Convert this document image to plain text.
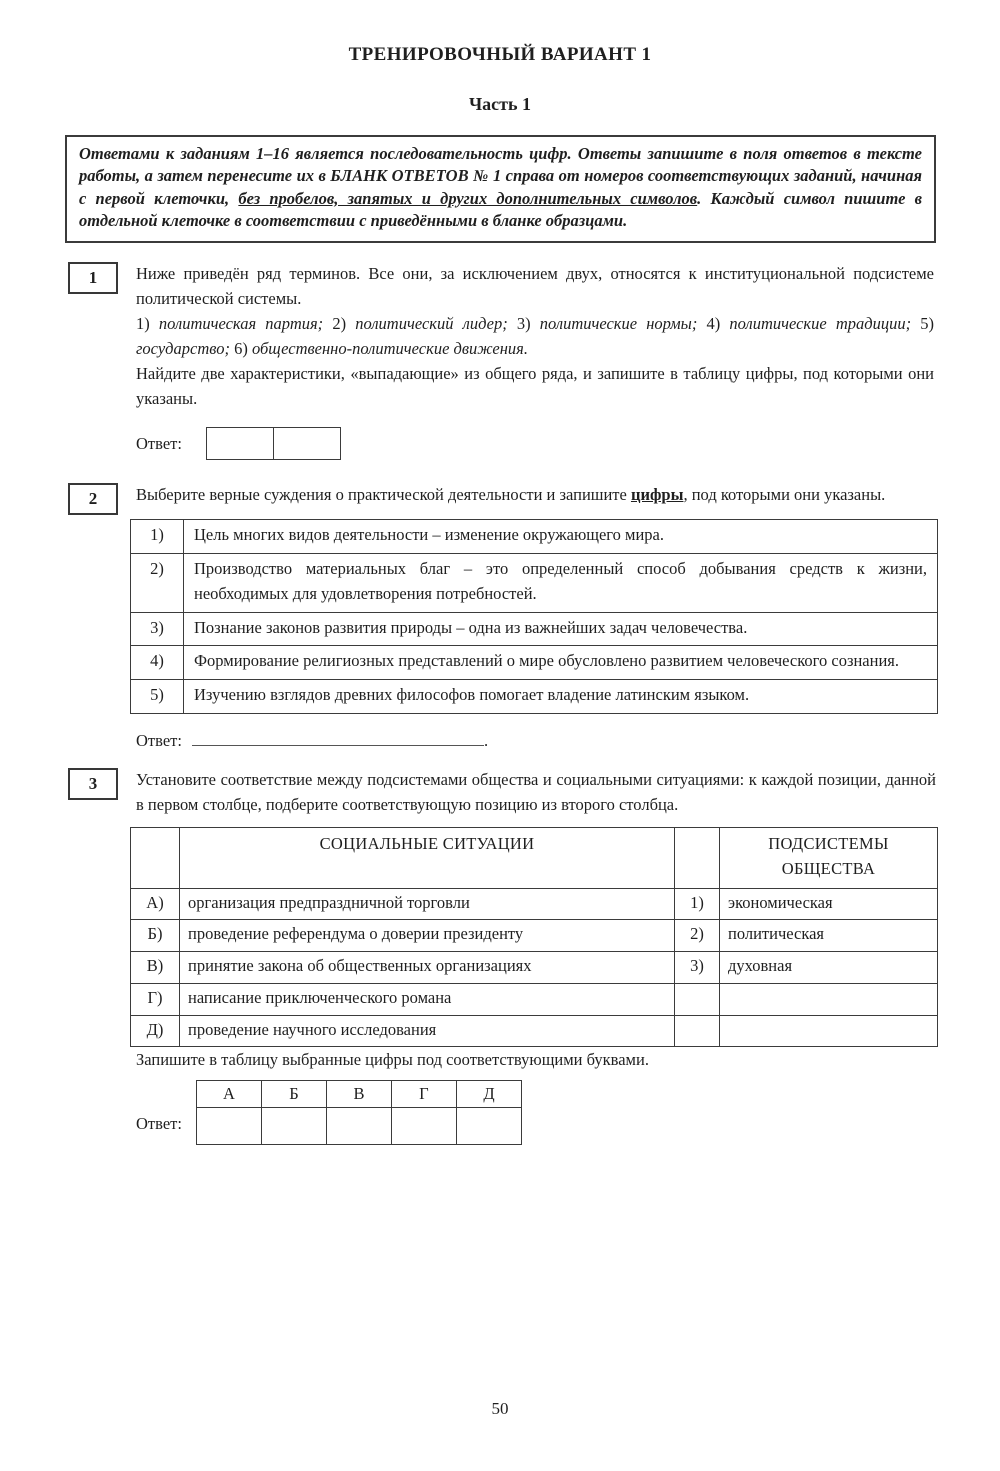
ТРЕНИРОВОЧНЫЙ ВАРИАНТ 1
Часть 1

Ответами к заданиям 1–16 является последовательность цифр. Ответы запишите в поля ответов в тексте работы, а затем перенесите их в БЛАНК ОТВЕТОВ № 1 справа от номеров соответствующих заданий, начиная с первой клеточки, без пробелов, запятых и других дополнительных символов. Каждый символ пишите в отдельной клеточке в соответствии с приведёнными в бланке образцами.

1 Ниже приведён ряд терминов. Все они, за исключением двух, относятся к институциональной подсистеме политической системы.

1) политическая партия; 2) политический лидер; 3) политические нормы; 4) политические традиции; 5) государство; 6) общественно-политические движения.

Найдите две характеристики, «выпадающие» из общего ряда, и запишите в таблицу цифры, под которыми они указаны.

Ответ:

2 Выберите верные суждения о практической деятельности и запишите цифры, под которыми они указаны.

1)	Цель многих видов деятельности – изменение окружающего мира.
2)	Производство материальных благ – это определенный способ добывания средств к жизни, необходимых для удовлетворения потребностей.
3)	Познание законов развития природы – одна из важнейших задач человечества.
4)	Формирование религиозных представлений о мире обусловлено развитием человеческого сознания.
5)	Изучению взглядов древних философов помогает владение латинским языком.
Ответ:	.
3 Установите соответствие между подсистемами общества и социальными ситуациями: к каждой позиции, данной в первом столбце, подберите соответствующую позицию из второго столбца.

	СОЦИАЛЬНЫЕ СИТУАЦИИ		ПОДСИСТЕМЫ ОБЩЕСТВА
А)	организация предпраздничной торговли	1)	экономическая
Б)	проведение референдума о доверии президенту	2)	политическая
В)	принятие закона об общественных организациях	3)	духовная
Г)	написание приключенческого романа		
Д)	проведение научного исследования		

Запишите в таблицу выбранные цифры под соответствующими буквами.

Ответ:
А	Б	В	Г	Д

50
